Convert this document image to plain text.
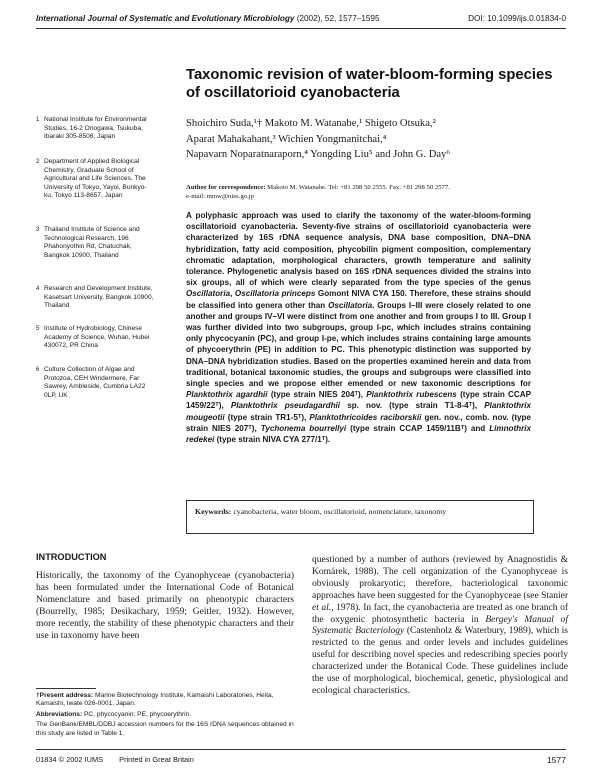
International Journal of Systematic and Evolutionary Microbiology (2002), 52, 1577–1595	DOI: 10.1099/ijs.0.01834-0
Taxonomic revision of water-bloom-forming species of oscillatorioid cyanobacteria
Shoichiro Suda,¹† Makoto M. Watanabe,¹ Shigeto Otsuka,²
Aparat Mahakahant,³ Wichien Yongmanitchai,⁴
Napavarn Noparatnaraporn,⁴ Yongding Liu⁵ and John G. Day⁶
Author for correspondence: Makoto M. Watanabe. Tel: +81 298 50 2555. Fax: +81 298 50 2577.
e-mail: mmw@nies.go.jp
1 National Institute for Environmental Studies, 16-2 Onogawa, Tsukuba, Ibaraki 305-8506, Japan
2 Department of Applied Biological Chemistry, Graduate School of Agricultural and Life Sciences, The University of Tokyo, Yayoi, Bunkyo-ku, Tokyo 113-8657, Japan
3 Thailand Institute of Science and Technological Research, 196 Phahonyothin Rd, Chatuchak, Bangkok 10900, Thailand
4 Research and Development Institute, Kasetsart University, Bangkok 10900, Thailand
5 Institute of Hydrobiology, Chinese Academy of Science, Wuhan, Hubei 430072, PR China
6 Culture Collection of Algae and Protozoa, CEH Windermere, Far Sawrey, Ambleside, Cumbria LA22 0LP, UK
A polyphasic approach was used to clarify the taxonomy of the water-bloom-forming oscillatorioid cyanobacteria. Seventy-five strains of oscillatorioid cyanobacteria were characterized by 16S rDNA sequence analysis, DNA base composition, DNA–DNA hybridization, fatty acid composition, phycobilin pigment composition, complementary chromatic adaptation, morphological characters, growth temperature and salinity tolerance. Phylogenetic analysis based on 16S rDNA sequences divided the strains into six groups, all of which were clearly separated from the type species of the genus Oscillatoria, Oscillatoria princeps Gomont NIVA CYA 150. Therefore, these strains should be classified into genera other than Oscillatoria. Groups I–III were closely related to one another and groups IV–VI were distinct from one another and from groups I to III. Group I was further divided into two subgroups, group I-pc, which includes strains containing only phycocyanin (PC), and group I-pe, which includes strains containing large amounts of phycoerythrin (PE) in addition to PC. This phenotypic distinction was supported by DNA–DNA hybridization studies. Based on the properties examined herein and data from traditional, botanical taxonomic studies, the groups and subgroups were classified into single species and we propose either emended or new taxonomic descriptions for Planktothrix agardhii (type strain NIES 204ᵀ), Planktothrix rubescens (type strain CCAP 1459/22ᵀ), Planktothrix pseudagardhii sp. nov. (type strain T1-8-4ᵀ), Planktothrix mougeotii (type strain TR1-5ᵀ), Planktothricoides raciborskii gen. nov., comb. nov. (type strain NIES 207ᵀ), Tychonema bourrellyi (type strain CCAP 1459/11Bᵀ) and Limnothrix redekei (type strain NIVA CYA 277/1ᵀ).
Keywords: cyanobacteria, water bloom, oscillatorioid, nomenclature, taxonomy
INTRODUCTION
Historically, the taxonomy of the Cyanophyceae (cyanobacteria) has been formulated under the International Code of Botanical Nomenclature and based primarily on phenotypic characters (Bourrelly, 1985; Desikachary, 1959; Geitler, 1932). However, more recently, the stability of these phenotypic characters and their use in taxonomy have been
questioned by a number of authors (reviewed by Anagnostidis & Komárek, 1988). The cell organization of the Cyanophyceae is obviously prokaryotic; therefore, bacteriological taxonomic approaches have been suggested for the Cyanophyceae (see Stanier et al., 1978). In fact, the cyanobacteria are treated as one branch of the oxygenic photosynthetic bacteria in Bergey's Manual of Systematic Bacteriology (Castenholz & Waterbury, 1989), which is restricted to the genus and order levels and includes guidelines useful for describing novel species and redescribing species poorly characterized under the Botanical Code. These guidelines include the use of morphological, biochemical, genetic, physiological and ecological characteristics.

†Present address: Marine Biotechnology Institute, Kamaishi Laboratories, Heita, Kamaishi, Iwate 026-0001, Japan.

Abbreviations: PC, phycocyanin; PE, phycoerythrin.

The GenBank/EMBL/DDBJ accession numbers for the 16S rDNA sequences obtained in this study are listed in Table 1.

01834 © 2002 IUMS Printed in Great Britain	1577
